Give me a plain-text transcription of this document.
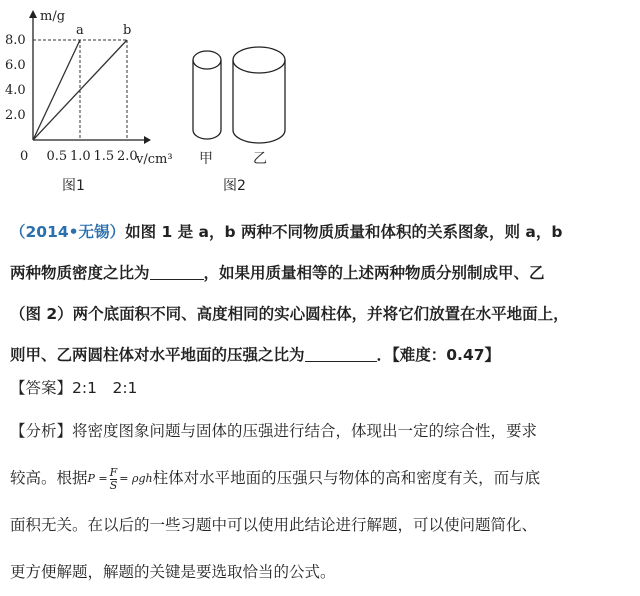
2.0
4.0
6.0
8.0
0 0.5 1.0 1.5 2.0
a	b
m/g
v/cm³
图1
甲	乙
图2
（2014•无锡）如图 1 是 a，b 两种不同物质质量和体积的关系图象，则 a，b
两种物质密度之比为	，如果用质量相等的上述两种物质分别制成甲、乙
（图 2）两个底面积不同、高度相同的实心圆柱体，并将它们放置在水平地面上，
则甲、乙两圆柱体对水平地面的压强之比为	．【难度：0.47】
【答案】2:1　2:1
【分析】将密度图象问题与固体的压强进行结合，体现出一定的综合性，要求
较高。根据$P = \frac{F}{S} = \rho gh$柱体对水平地面的压强只与物体的高和密度有关，而与底
面积无关。在以后的一些习题中可以使用此结论进行解题，可以使问题简化、
更方便解题，解题的关键是要选取恰当的公式。
